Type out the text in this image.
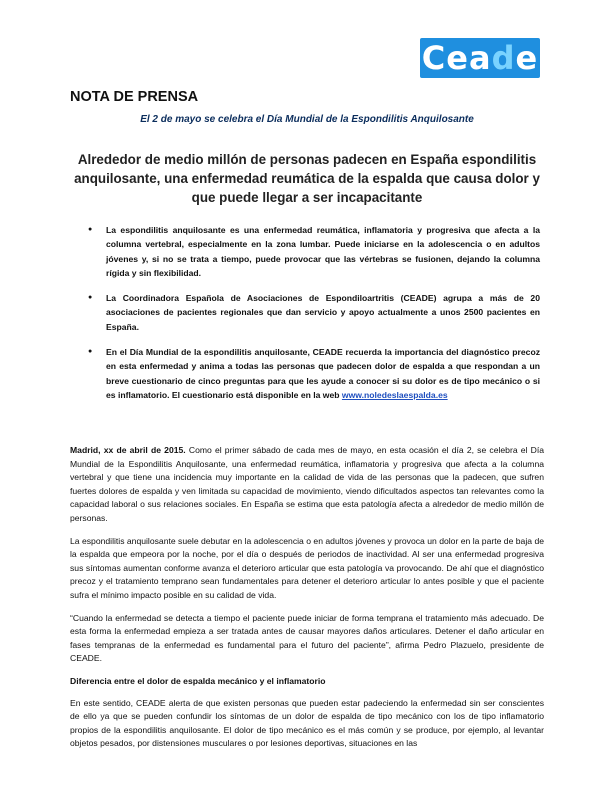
Ceade
NOTA DE PRENSA

El 2 de mayo se celebra el Día Mundial de la Espondilitis Anquilosante

Alrededor de medio millón de personas padecen en España espondilitis anquilosante, una enfermedad reumática de la espalda que causa dolor y que puede llegar a ser incapacitante
● La espondilitis anquilosante es una enfermedad reumática, inflamatoria y progresiva que afecta a la columna vertebral, especialmente en la zona lumbar. Puede iniciarse en la adolescencia o en adultos jóvenes y, si no se trata a tiempo, puede provocar que las vértebras se fusionen, dejando la columna rígida y sin flexibilidad.
● La Coordinadora Española de Asociaciones de Espondiloartritis (CEADE) agrupa a más de 20 asociaciones de pacientes regionales que dan servicio y apoyo actualmente a unos 2500 pacientes en España.
● En el Día Mundial de la espondilitis anquilosante, CEADE recuerda la importancia del diagnóstico precoz en esta enfermedad y anima a todas las personas que padecen dolor de espalda a que respondan a un breve cuestionario de cinco preguntas para que les ayude a conocer si su dolor es de tipo mecánico o si es inflamatorio. El cuestionario está disponible en la web www.noledeslaespalda.es

Madrid, xx de abril de 2015. Como el primer sábado de cada mes de mayo, en esta ocasión el día 2, se celebra el Día Mundial de la Espondilitis Anquilosante, una enfermedad reumática, inflamatoria y progresiva que afecta a la columna vertebral y que tiene una incidencia muy importante en la calidad de vida de las personas que la padecen, que sufren fuertes dolores de espalda y ven limitada su capacidad de movimiento, viendo dificultados aspectos tan relevantes como la capacidad laboral o sus relaciones sociales. En España se estima que esta patología afecta a alrededor de medio millón de personas.

La espondilitis anquilosante suele debutar en la adolescencia o en adultos jóvenes y provoca un dolor en la parte de baja de la espalda que empeora por la noche, por el día o después de periodos de inactividad. Al ser una enfermedad progresiva sus síntomas aumentan conforme avanza el deterioro articular que esta patología va provocando. De ahí que el diagnóstico precoz y el tratamiento temprano sean fundamentales para detener el deterioro articular lo antes posible y que el paciente sufra el mínimo impacto posible en su calidad de vida.

“Cuando la enfermedad se detecta a tiempo el paciente puede iniciar de forma temprana el tratamiento más adecuado. De esta forma la enfermedad empieza a ser tratada antes de causar mayores daños articulares. Detener el daño articular en fases tempranas de la enfermedad es fundamental para el futuro del paciente”, afirma Pedro Plazuelo, presidente de CEADE.

Diferencia entre el dolor de espalda mecánico y el inflamatorio

En este sentido, CEADE alerta de que existen personas que pueden estar padeciendo la enfermedad sin ser conscientes de ello ya que se pueden confundir los síntomas de un dolor de espalda de tipo mecánico con los de tipo inflamatorio propios de la espondilitis anquilosante. El dolor de tipo mecánico es el más común y se produce, por ejemplo, al levantar objetos pesados, por distensiones musculares o por lesiones deportivas, situaciones en las
